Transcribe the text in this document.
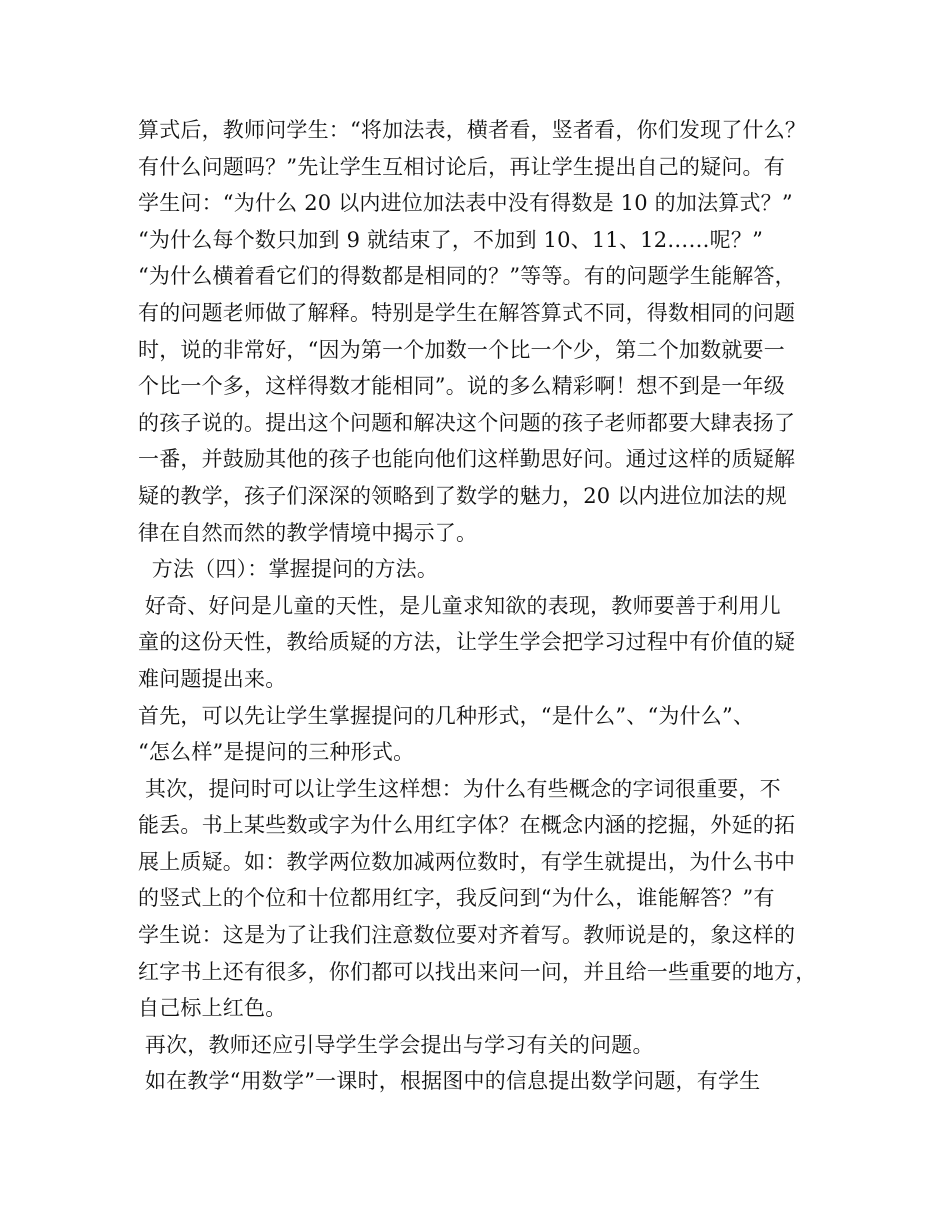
算式后，教师问学生：“将加法表，横者看，竖者看，你们发现了什么？
有什么问题吗？”先让学生互相讨论后，再让学生提出自己的疑问。有
学生问：“为什么 20 以内进位加法表中没有得数是 10 的加法算式？”
“为什么每个数只加到 9 就结束了，不加到 10、11、12……呢？”
“为什么横着看它们的得数都是相同的？”等等。有的问题学生能解答，
有的问题老师做了解释。特别是学生在解答算式不同，得数相同的问题
时，说的非常好，“因为第一个加数一个比一个少，第二个加数就要一
个比一个多，这样得数才能相同”。说的多么精彩啊！想不到是一年级
的孩子说的。提出这个问题和解决这个问题的孩子老师都要大肆表扬了
一番，并鼓励其他的孩子也能向他们这样勤思好问。通过这样的质疑解
疑的教学，孩子们深深的领略到了数学的魅力，20 以内进位加法的规
律在自然而然的教学情境中揭示了。
方法（四）：掌握提问的方法。
好奇、好问是儿童的天性，是儿童求知欲的表现，教师要善于利用儿
童的这份天性，教给质疑的方法，让学生学会把学习过程中有价值的疑
难问题提出来。
首先，可以先让学生掌握提问的几种形式，“是什么”、“为什么”、
“怎么样”是提问的三种形式。
其次，提问时可以让学生这样想：为什么有些概念的字词很重要，不
能丢。书上某些数或字为什么用红字体？在概念内涵的挖掘，外延的拓
展上质疑。如：教学两位数加减两位数时，有学生就提出，为什么书中
的竖式上的个位和十位都用红字，我反问到“为什么，谁能解答？”有
学生说：这是为了让我们注意数位要对齐着写。教师说是的，象这样的
红字书上还有很多，你们都可以找出来问一问，并且给一些重要的地方，
自己标上红色。
再次，教师还应引导学生学会提出与学习有关的问题。
如在教学“用数学”一课时，根据图中的信息提出数学问题，有学生
